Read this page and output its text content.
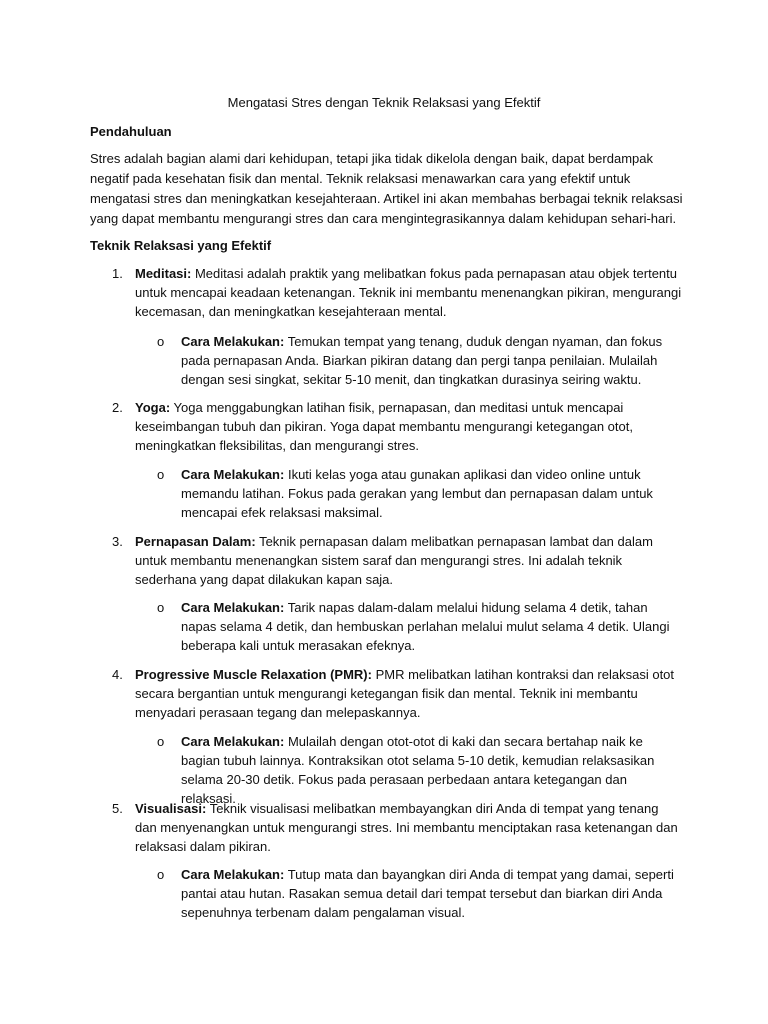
Mengatasi Stres dengan Teknik Relaksasi yang Efektif
Pendahuluan

Stres adalah bagian alami dari kehidupan, tetapi jika tidak dikelola dengan baik, dapat berdampak negatif pada kesehatan fisik dan mental. Teknik relaksasi menawarkan cara yang efektif untuk mengatasi stres dan meningkatkan kesejahteraan. Artikel ini akan membahas berbagai teknik relaksasi yang dapat membantu mengurangi stres dan cara mengintegrasikannya dalam kehidupan sehari-hari.

Teknik Relaksasi yang Efektif
1. Meditasi: Meditasi adalah praktik yang melibatkan fokus pada pernapasan atau objek tertentu untuk mencapai keadaan ketenangan. Teknik ini membantu menenangkan pikiran, mengurangi kecemasan, dan meningkatkan kesejahteraan mental.

o Cara Melakukan: Temukan tempat yang tenang, duduk dengan nyaman, dan fokus pada pernapasan Anda. Biarkan pikiran datang dan pergi tanpa penilaian. Mulailah dengan sesi singkat, sekitar 5-10 menit, dan tingkatkan durasinya seiring waktu.

2. Yoga: Yoga menggabungkan latihan fisik, pernapasan, dan meditasi untuk mencapai keseimbangan tubuh dan pikiran. Yoga dapat membantu mengurangi ketegangan otot, meningkatkan fleksibilitas, dan mengurangi stres.

o Cara Melakukan: Ikuti kelas yoga atau gunakan aplikasi dan video online untuk memandu latihan. Fokus pada gerakan yang lembut dan pernapasan dalam untuk mencapai efek relaksasi maksimal.

3. Pernapasan Dalam: Teknik pernapasan dalam melibatkan pernapasan lambat dan dalam untuk membantu menenangkan sistem saraf dan mengurangi stres. Ini adalah teknik sederhana yang dapat dilakukan kapan saja.

o Cara Melakukan: Tarik napas dalam-dalam melalui hidung selama 4 detik, tahan napas selama 4 detik, dan hembuskan perlahan melalui mulut selama 4 detik. Ulangi beberapa kali untuk merasakan efeknya.

4. Progressive Muscle Relaxation (PMR): PMR melibatkan latihan kontraksi dan relaksasi otot secara bergantian untuk mengurangi ketegangan fisik dan mental. Teknik ini membantu menyadari perasaan tegang dan melepaskannya.

o Cara Melakukan: Mulailah dengan otot-otot di kaki dan secara bertahap naik ke bagian tubuh lainnya. Kontraksikan otot selama 5-10 detik, kemudian relaksasikan selama 20-30 detik. Fokus pada perasaan perbedaan antara ketegangan dan relaksasi.

5. Visualisasi: Teknik visualisasi melibatkan membayangkan diri Anda di tempat yang tenang dan menyenangkan untuk mengurangi stres. Ini membantu menciptakan rasa ketenangan dan relaksasi dalam pikiran.

o Cara Melakukan: Tutup mata dan bayangkan diri Anda di tempat yang damai, seperti pantai atau hutan. Rasakan semua detail dari tempat tersebut dan biarkan diri Anda sepenuhnya terbenam dalam pengalaman visual.
